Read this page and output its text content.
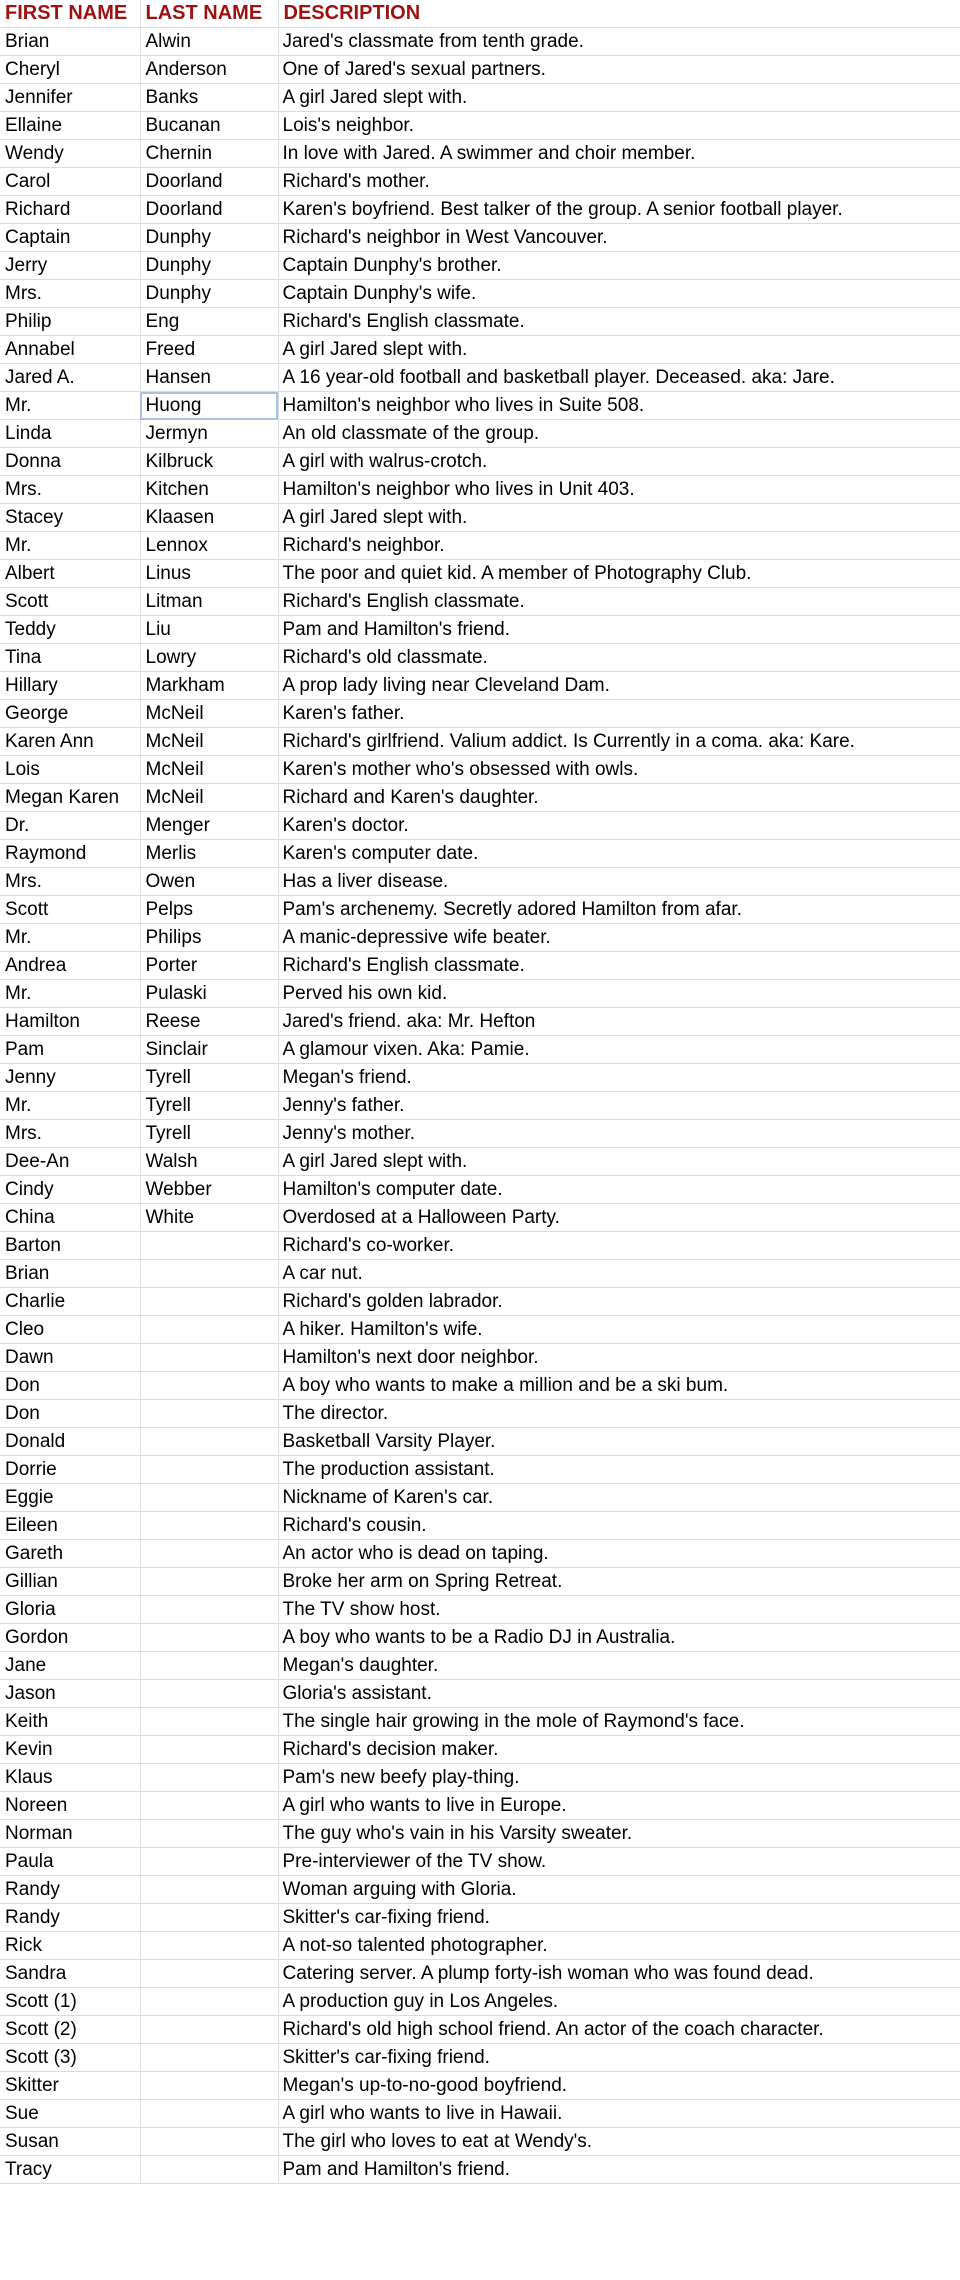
FIRST NAME	LAST NAME	DESCRIPTION
Brian	Alwin	Jared's classmate from tenth grade.
Cheryl	Anderson	One of Jared's sexual partners.
Jennifer	Banks	A girl Jared slept with.
Ellaine	Bucanan	Lois's neighbor.
Wendy	Chernin	In love with Jared. A swimmer and choir member.
Carol	Doorland	Richard's mother.
Richard	Doorland	Karen's boyfriend. Best talker of the group. A senior football player.
Captain	Dunphy	Richard's neighbor in West Vancouver.
Jerry	Dunphy	Captain Dunphy's brother.
Mrs.	Dunphy	Captain Dunphy's wife.
Philip	Eng	Richard's English classmate.
Annabel	Freed	A girl Jared slept with.
Jared A.	Hansen	A 16 year-old football and basketball player. Deceased. aka: Jare.
Mr.	Huong	Hamilton's neighbor who lives in Suite 508.
Linda	Jermyn	An old classmate of the group.
Donna	Kilbruck	A girl with walrus-crotch.
Mrs.	Kitchen	Hamilton's neighbor who lives in Unit 403.
Stacey	Klaasen	A girl Jared slept with.
Mr.	Lennox	Richard's neighbor.
Albert	Linus	The poor and quiet kid. A member of Photography Club.
Scott	Litman	Richard's English classmate.
Teddy	Liu	Pam and Hamilton's friend.
Tina	Lowry	Richard's old classmate.
Hillary	Markham	A prop lady living near Cleveland Dam.
George	McNeil	Karen's father.
Karen Ann	McNeil	Richard's girlfriend. Valium addict. Is Currently in a coma. aka: Kare.
Lois	McNeil	Karen's mother who's obsessed with owls.
Megan Karen	McNeil	Richard and Karen's daughter.
Dr.	Menger	Karen's doctor.
Raymond	Merlis	Karen's computer date.
Mrs.	Owen	Has a liver disease.
Scott	Pelps	Pam's archenemy. Secretly adored Hamilton from afar.
Mr.	Philips	A manic-depressive wife beater.
Andrea	Porter	Richard's English classmate.
Mr.	Pulaski	Perved his own kid.
Hamilton	Reese	Jared's friend. aka: Mr. Hefton
Pam	Sinclair	A glamour vixen. Aka: Pamie.
Jenny	Tyrell	Megan's friend.
Mr.	Tyrell	Jenny's father.
Mrs.	Tyrell	Jenny's mother.
Dee-An	Walsh	A girl Jared slept with.
Cindy	Webber	Hamilton's computer date.
China	White	Overdosed at a Halloween Party.
Barton		Richard's co-worker.
Brian		A car nut.
Charlie		Richard's golden labrador.
Cleo		A hiker. Hamilton's wife.
Dawn		Hamilton's next door neighbor.
Don		A boy who wants to make a million and be a ski bum.
Don		The director.
Donald		Basketball Varsity Player.
Dorrie		The production assistant.
Eggie		Nickname of Karen's car.
Eileen		Richard's cousin.
Gareth		An actor who is dead on taping.
Gillian		Broke her arm on Spring Retreat.
Gloria		The TV show host.
Gordon		A boy who wants to be a Radio DJ in Australia.
Jane		Megan's daughter.
Jason		Gloria's assistant.
Keith		The single hair growing in the mole of Raymond's face.
Kevin		Richard's decision maker.
Klaus		Pam's new beefy play-thing.
Noreen		A girl who wants to live in Europe.
Norman		The guy who's vain in his Varsity sweater.
Paula		Pre-interviewer of the TV show.
Randy		Woman arguing with Gloria.
Randy		Skitter's car-fixing friend.
Rick		A not-so talented photographer.
Sandra		Catering server. A plump forty-ish woman who was found dead.
Scott (1)		A production guy in Los Angeles.
Scott (2)		Richard's old high school friend. An actor of the coach character.
Scott (3)		Skitter's car-fixing friend.
Skitter		Megan's up-to-no-good boyfriend.
Sue		A girl who wants to live in Hawaii.
Susan		The girl who loves to eat at Wendy's.
Tracy		Pam and Hamilton's friend.
